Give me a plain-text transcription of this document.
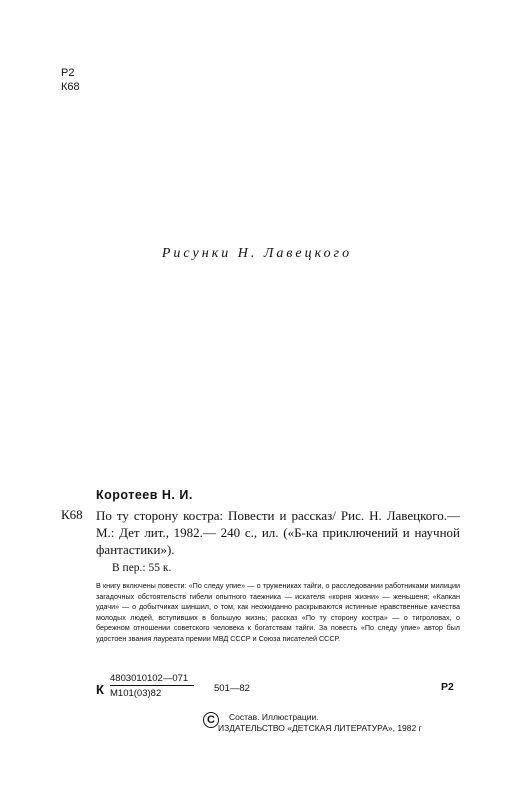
Р2
К68
Рисунки Н. Лавецкого
К68
Коротеев Н. И.
По ту сторону костра: Повести и рассказ/ Рис. Н. Лавецкого.— М.: Дет лит., 1982.— 240 с., ил. («Б-ка приключений и научной фантастики»).
В пер.: 55 к.
В книгу включены повести: «По следу упие» — о тружениках тайги, о расследовании работниками милиции загадочных обстоятельств гибели опытного таежника — искателя «корня жизни» — женьшеня; «Капкан удачи» — о добытчиках шиншил, о том, как неожиданно раскрываются истинные нравственные качества молодых людей, вступивших в большую жизнь; рассказ «По ту сторону костра» — о тигроловах, о бережном отношении советского человека к богатствам тайги. За повесть «По следу упие» автор был удостоен звания лауреата премии МВД СССР и Союза писателей СССР.
К
4803010102—071
М101(03)82	501—82	Р2
С	Состав. Иллюстрации.
ИЗДАТЕЛЬСТВО «ДЕТСКАЯ ЛИТЕРАТУРА», 1982 г
